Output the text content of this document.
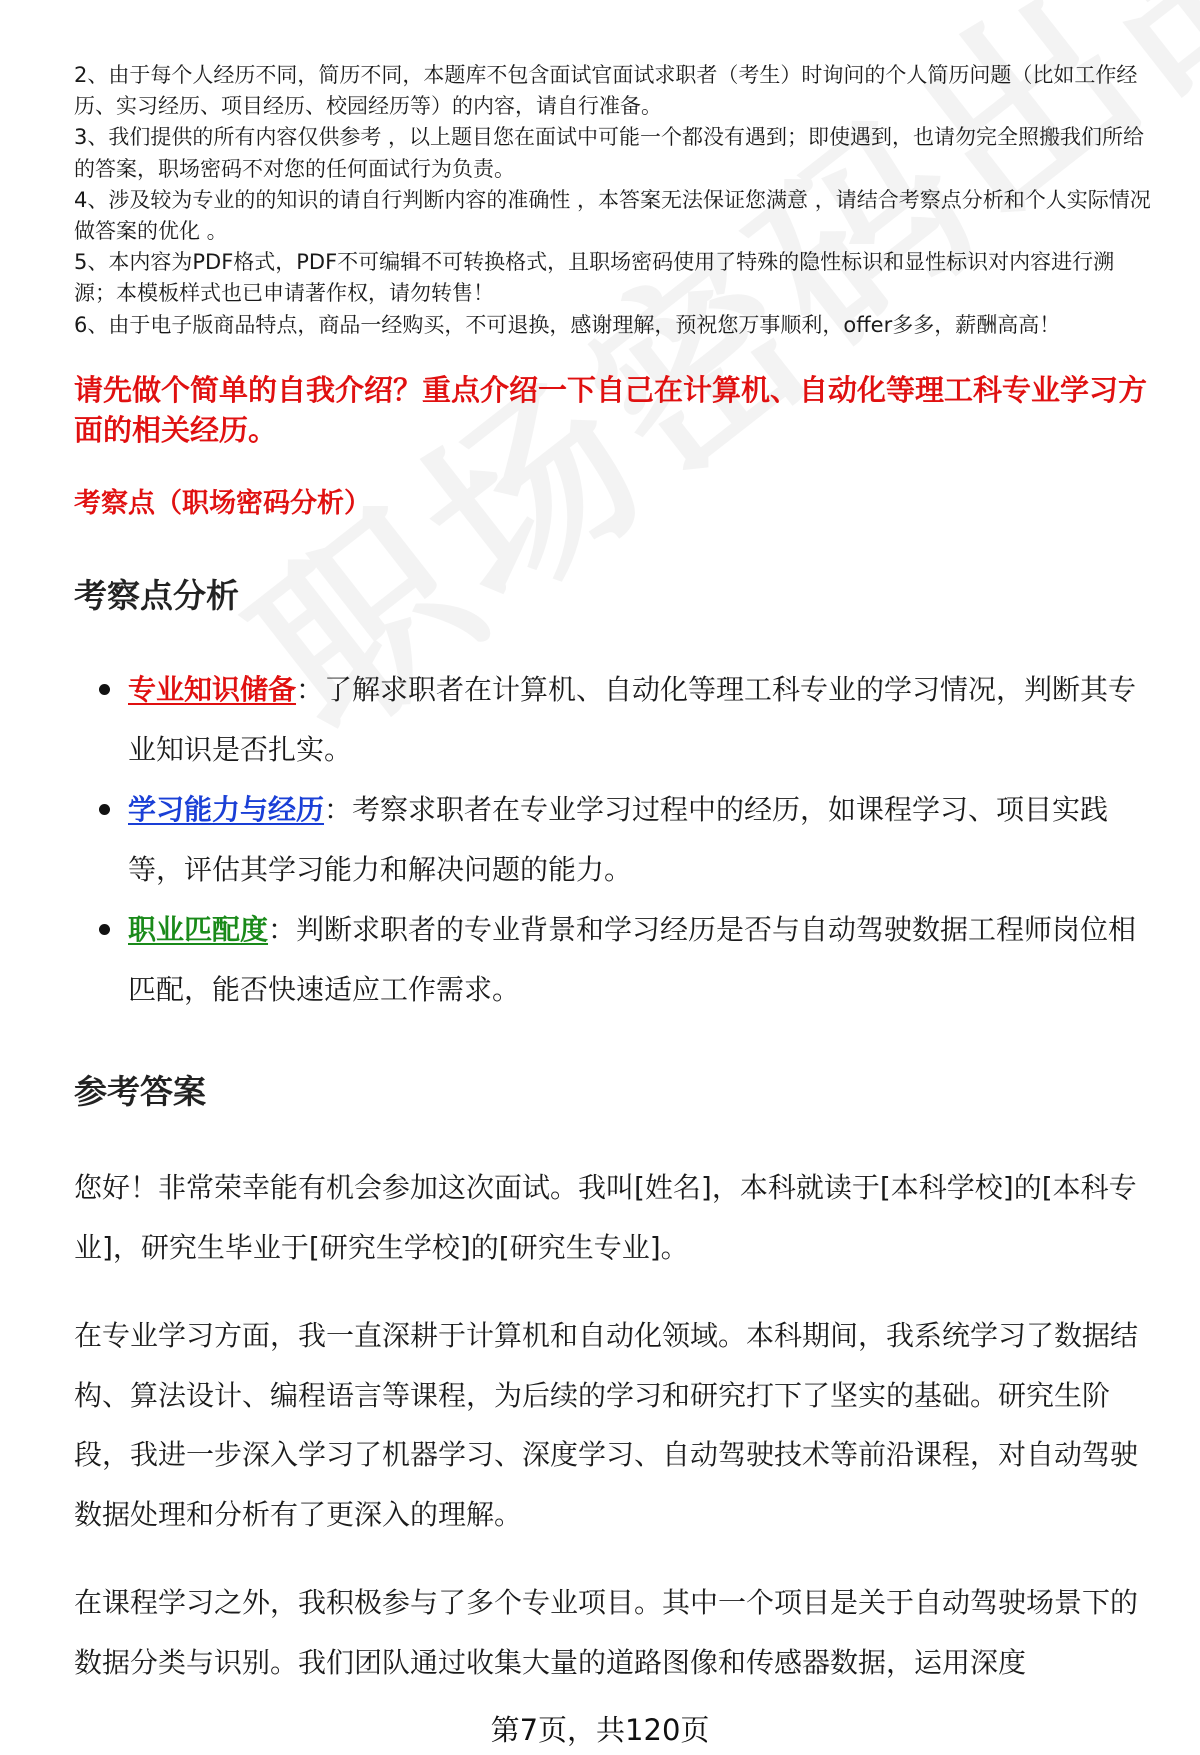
2、由于每个人经历不同，简历不同，本题库不包含面试官面试求职者（考生）时询问的个人简历问题（比如工作经历、实习经历、项目经历、校园经历等）的内容，请自行准备。

3、我们提供的所有内容仅供参考 ，以上题目您在面试中可能一个都没有遇到；即使遇到，也请勿完全照搬我们所给的答案，职场密码不对您的任何面试行为负责。

4、涉及较为专业的的知识的请自行判断内容的准确性 ，本答案无法保证您满意 ，请结合考察点分析和个人实际情况做答案的优化 。

5、本内容为PDF格式，PDF不可编辑不可转换格式，且职场密码使用了特殊的隐性标识和显性标识对内容进行溯源；本模板样式也已申请著作权，请勿转售！

6、由于电子版商品特点，商品一经购买，不可退换，感谢理解，预祝您万事顺利，offer多多，薪酬高高！

请先做个简单的自我介绍？重点介绍一下自己在计算机、自动化等理工科专业学习方面的相关经历。

考察点（职场密码分析）

考察点分析
专业知识储备：了解求职者在计算机、自动化等理工科专业的学习情况，判断其专业知识是否扎实。
学习能力与经历：考察求职者在专业学习过程中的经历，如课程学习、项目实践等，评估其学习能力和解决问题的能力。
职业匹配度：判断求职者的专业背景和学习经历是否与自动驾驶数据工程师岗位相匹配，能否快速适应工作需求。
参考答案

您好！非常荣幸能有机会参加这次面试。我叫[姓名]，本科就读于[本科学校]的[本科专业]，研究生毕业于[研究生学校]的[研究生专业]。

在专业学习方面，我一直深耕于计算机和自动化领域。本科期间，我系统学习了数据结构、算法设计、编程语言等课程，为后续的学习和研究打下了坚实的基础。研究生阶段，我进一步深入学习了机器学习、深度学习、自动驾驶技术等前沿课程，对自动驾驶数据处理和分析有了更深入的理解。

在课程学习之外，我积极参与了多个专业项目。其中一个项目是关于自动驾驶场景下的数据分类与识别。我们团队通过收集大量的道路图像和传感器数据，运用深度

第7页，共120页
